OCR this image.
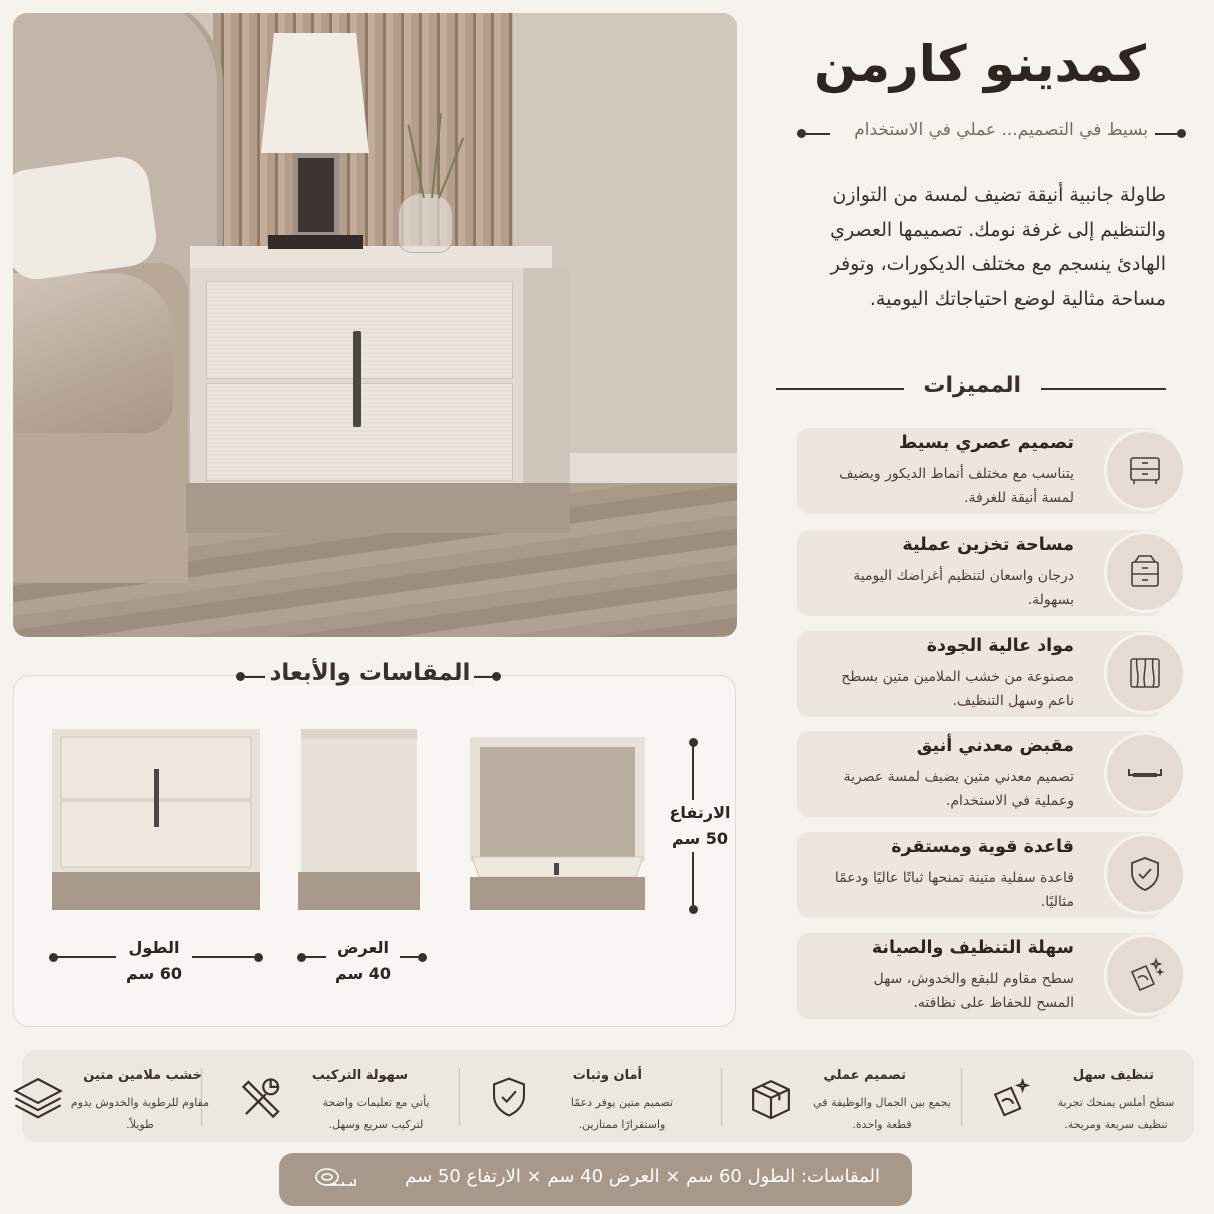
كمدينو كارمن
بسيط في التصميم... عملي في الاستخدام
طاولة جانبية أنيقة تضيف لمسة من التوازن والتنظيم إلى غرفة نومك. تصميمها العصري الهادئ ينسجم مع مختلف الديكورات، وتوفر مساحة مثالية لوضع احتياجاتك اليومية.
المميزات
تصميم عصري بسيط
يتناسب مع مختلف أنماط الديكور ويضيف لمسة أنيقة للغرفة.
مساحة تخزين عملية
درجان واسعان لتنظيم أغراضك اليومية بسهولة.
مواد عالية الجودة
مصنوعة من خشب الملامين متين بسطح ناعم وسهل التنظيف.
مقبض معدني أنيق
تصميم معدني متين يضيف لمسة عصرية وعملية في الاستخدام.
قاعدة قوية ومستقرة
قاعدة سفلية متينة تمنحها ثباتًا عاليًا ودعمًا مثاليًا.
سهلة التنظيف والصيانة
سطح مقاوم للبقع والخدوش، سهل المسح للحفاظ على نظافته.
المقاسات والأبعاد
الارتفاع
50 سم
الطول
60 سم
العرض
40 سم
تنظيف سهل
سطح أملس يمنحك تجربة تنظيف سريعة ومريحة.
تصميم عملي
يجمع بين الجمال والوظيفة في قطعة واحدة.
أمان وثبات
تصميم متين يوفر دعمًا واستقرارًا ممتازين.
سهولة التركيب
يأتي مع تعليمات واضحة لتركيب سريع وسهل.
خشب ملامين متين
مقاوم للرطوبة والخدوش يدوم طويلاً.
المقاسات: الطول 60 سم × العرض 40 سم × الارتفاع 50 سم
